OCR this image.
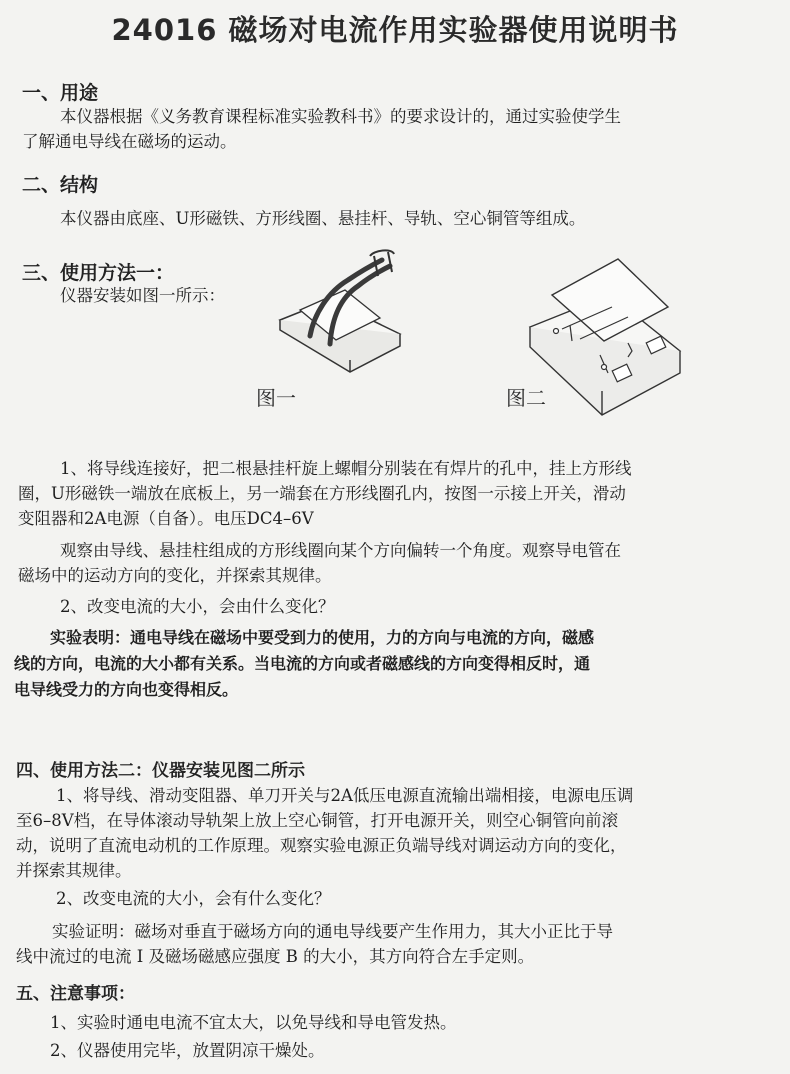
24016 磁场对电流作用实验器使用说明书
一、用途
本仪器根据《义务教育课程标准实验教科书》的要求设计的，通过实验使学生
了解通电导线在磁场的运动。
二、结构
本仪器由底座、U形磁铁、方形线圈、悬挂杆、导轨、空心铜管等组成。
三、使用方法一：
仪器安装如图一所示：
图一	图二
1、将导线连接好，把二根悬挂杆旋上螺帽分别装在有焊片的孔中，挂上方形线
圈，U形磁铁一端放在底板上，另一端套在方形线圈孔内，按图一示接上开关，滑动
变阻器和2A电源（自备）。电压DC4–6V
观察由导线、悬挂柱组成的方形线圈向某个方向偏转一个角度。观察导电管在
磁场中的运动方向的变化，并探索其规律。
2、改变电流的大小，会由什么变化？
实验表明：通电导线在磁场中要受到力的使用，力的方向与电流的方向，磁感
线的方向，电流的大小都有关系。当电流的方向或者磁感线的方向变得相反时，通
电导线受力的方向也变得相反。
四、使用方法二：仪器安装见图二所示
1、将导线、滑动变阻器、单刀开关与2A低压电源直流输出端相接，电源电压调
至6–8V档，在导体滚动导轨架上放上空心铜管，打开电源开关，则空心铜管向前滚
动，说明了直流电动机的工作原理。观察实验电源正负端导线对调运动方向的变化，
并探索其规律。
2、改变电流的大小，会有什么变化？
实验证明：磁场对垂直于磁场方向的通电导线要产生作用力，其大小正比于导
线中流过的电流 I 及磁场磁感应强度 B 的大小，其方向符合左手定则。
五、注意事项：
1、实验时通电电流不宜太大，以免导线和导电管发热。
2、仪器使用完毕，放置阴凉干燥处。
